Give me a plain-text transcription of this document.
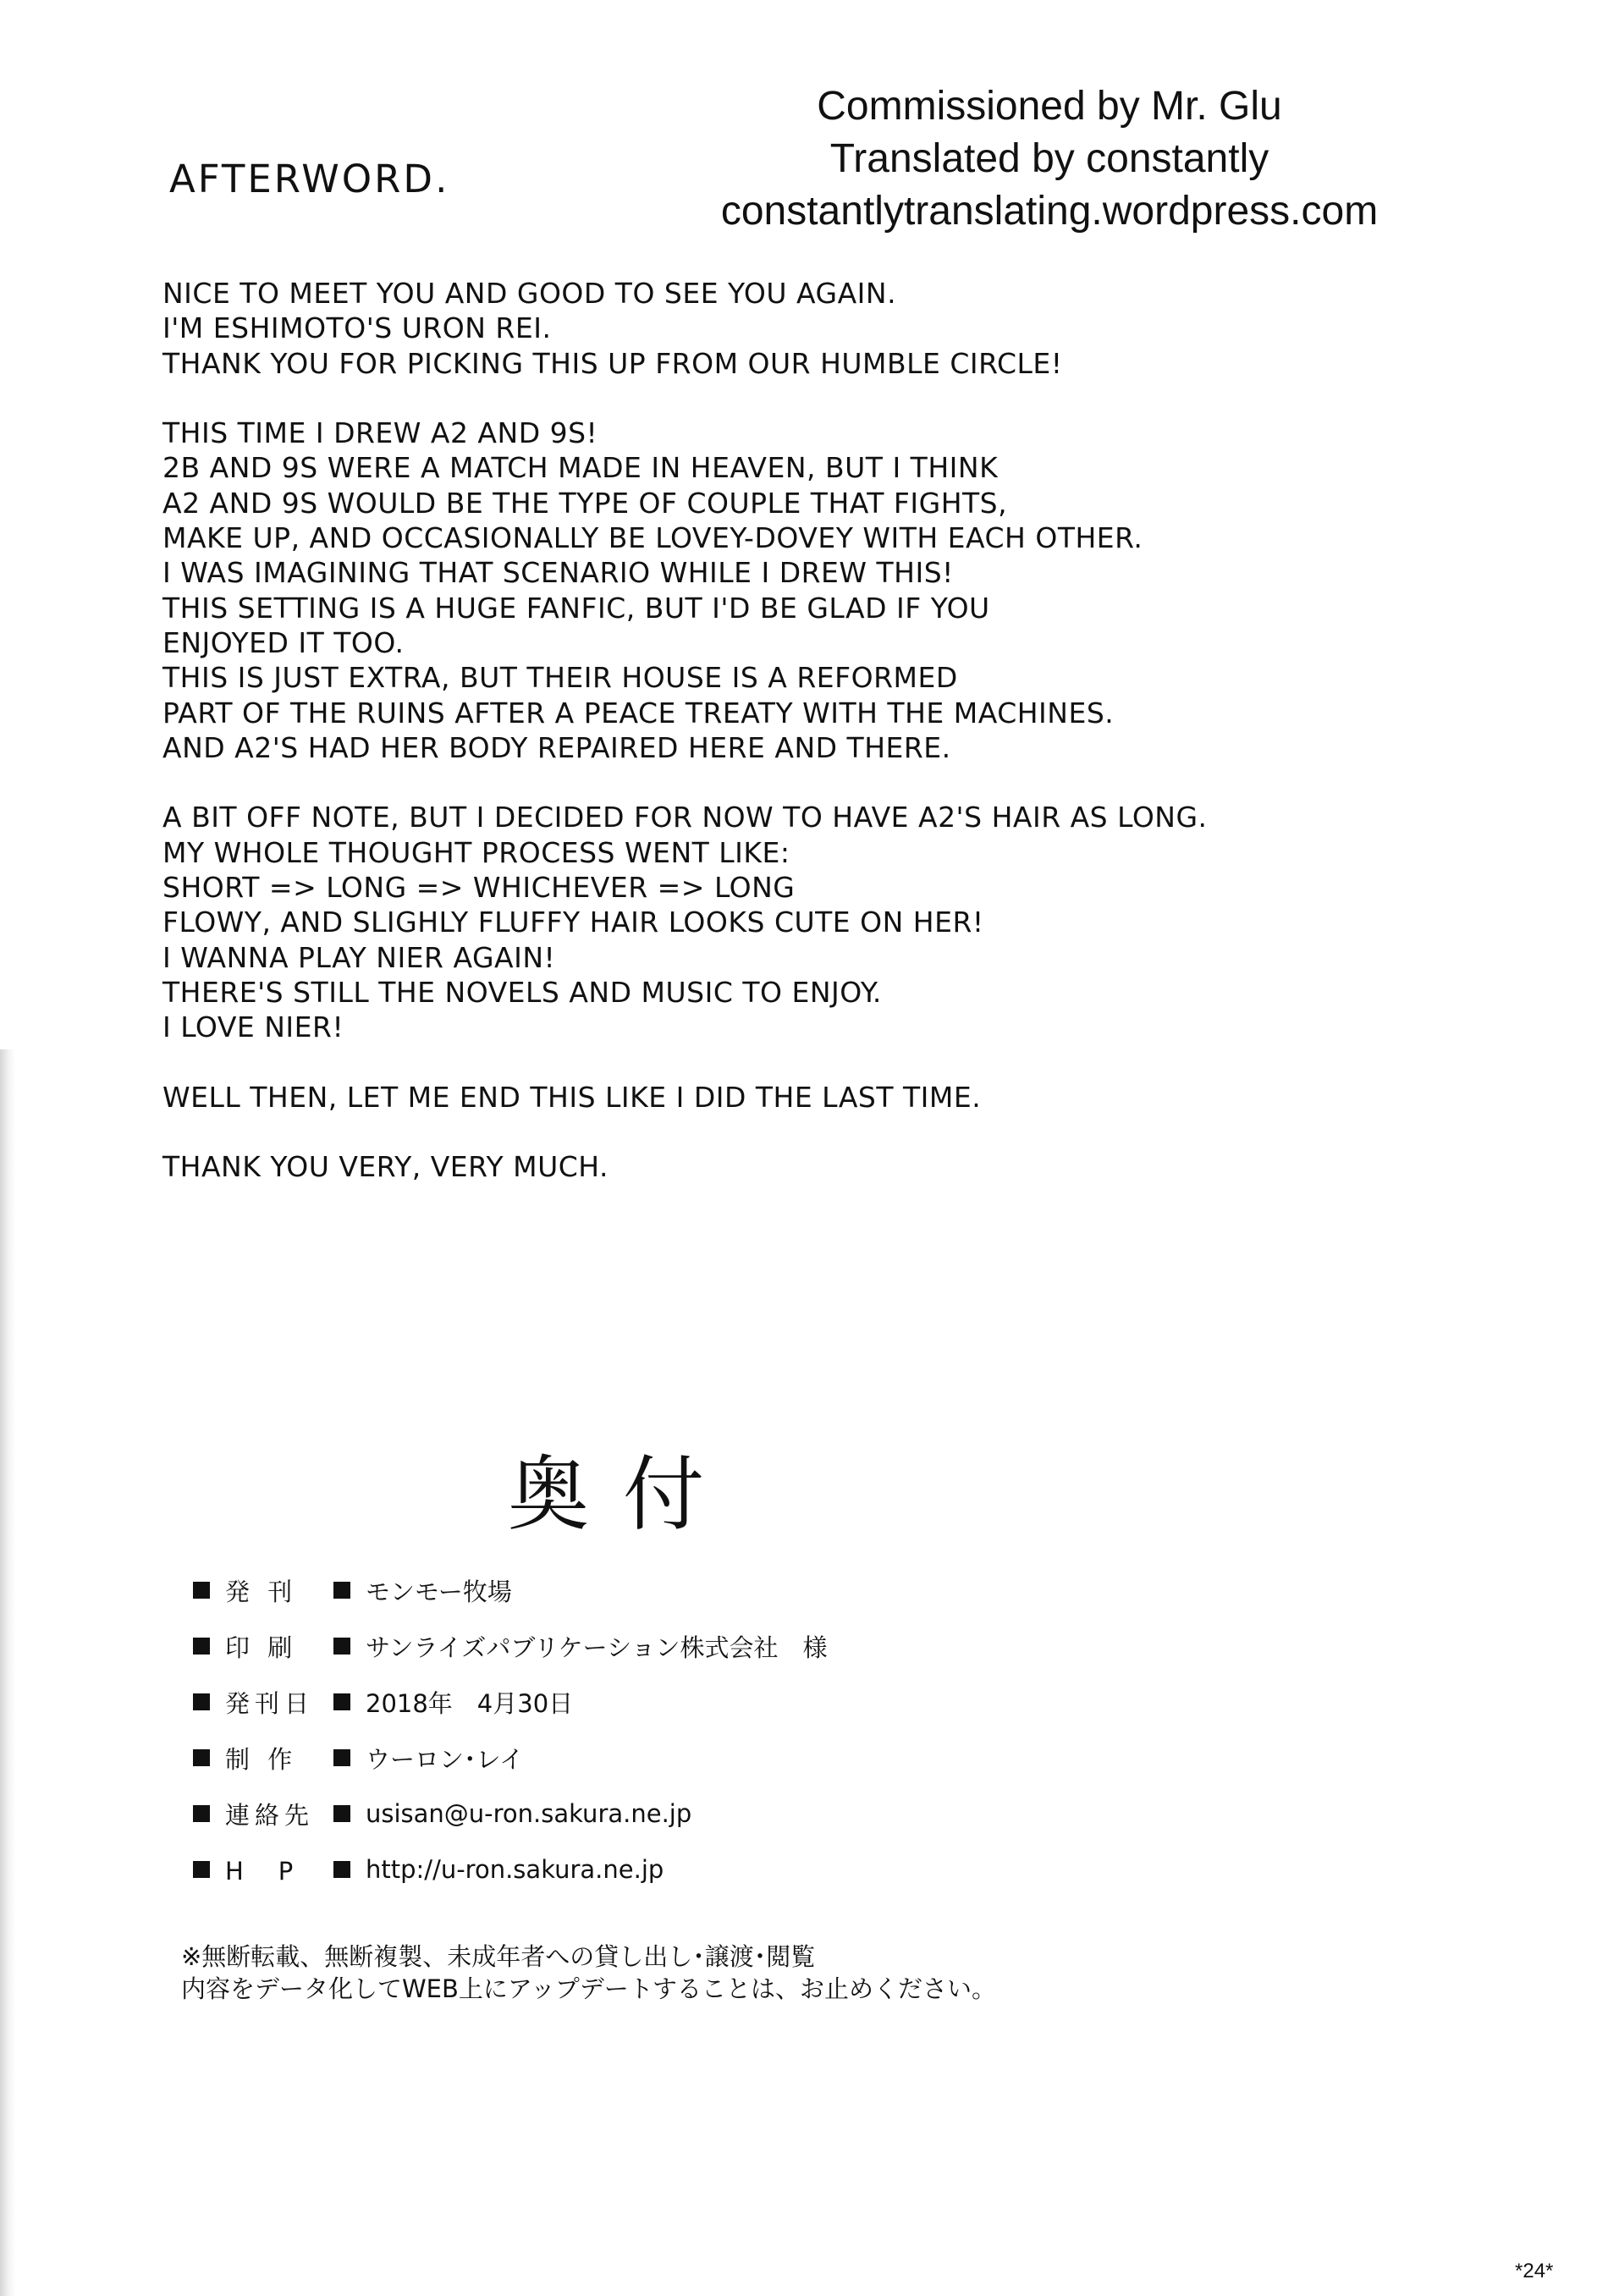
AFTERWORD.
Commissioned by Mr. Glu
Translated by constantly
constantlytranslating.wordpress.com

NICE TO MEET YOU AND GOOD TO SEE YOU AGAIN.
I'M ESHIMOTO'S URON REI.
THANK YOU FOR PICKING THIS UP FROM OUR HUMBLE CIRCLE!

THIS TIME I DREW A2 AND 9S!
2B AND 9S WERE A MATCH MADE IN HEAVEN, BUT I THINK
A2 AND 9S WOULD BE THE TYPE OF COUPLE THAT FIGHTS,
MAKE UP, AND OCCASIONALLY BE LOVEY-DOVEY WITH EACH OTHER.
I WAS IMAGINING THAT SCENARIO WHILE I DREW THIS!
THIS SETTING IS A HUGE FANFIC, BUT I'D BE GLAD IF YOU
ENJOYED IT TOO.
THIS IS JUST EXTRA, BUT THEIR HOUSE IS A REFORMED
PART OF THE RUINS AFTER A PEACE TREATY WITH THE MACHINES.
AND A2'S HAD HER BODY REPAIRED HERE AND THERE.

A BIT OFF NOTE, BUT I DECIDED FOR NOW TO HAVE A2'S HAIR AS LONG.
MY WHOLE THOUGHT PROCESS WENT LIKE:
SHORT => LONG => WHICHEVER => LONG
FLOWY, AND SLIGHLY FLUFFY HAIR LOOKS CUTE ON HER!
I WANNA PLAY NIER AGAIN!
THERE'S STILL THE NOVELS AND MUSIC TO ENJOY.
I LOVE NIER!

WELL THEN, LET ME END THIS LIKE I DID THE LAST TIME.

THANK YOU VERY, VERY MUCH.

奥付
発 刊	モンモー牧場
印 刷	サンライズパブリケーション株式会社　様
発刊日 2018年　4月30日
制 作	ウーロン･レイ
連絡先 usisan@u-ron.sakura.ne.jp
H　P	http://u-ron.sakura.ne.jp
※無断転載、無断複製、未成年者への貸し出し･譲渡･閲覧
内容をデータ化してWEB上にアップデートすることは、お止めください。
*24*
